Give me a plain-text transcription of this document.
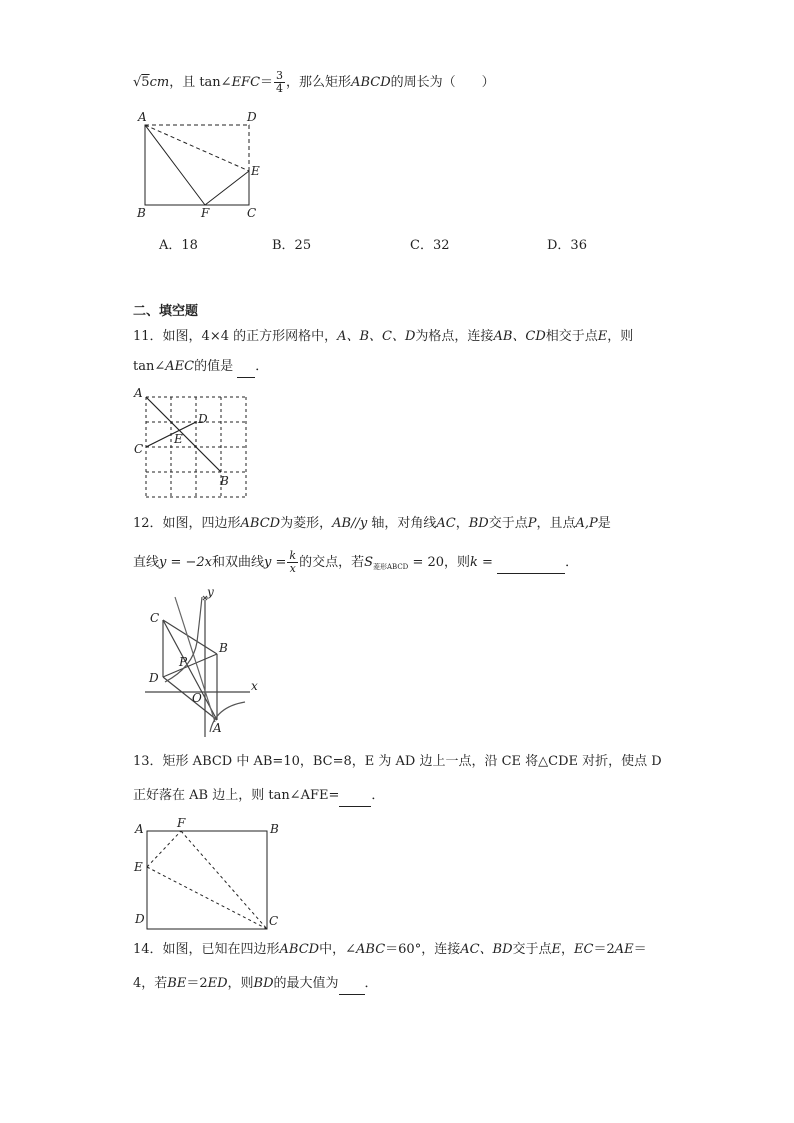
√5cm，且 tan∠EFC＝ $\frac{3}{4}$ ，那么矩形ABCD的周长为（　　）
A	D
E
B	F	C
A．18	B．25	C．32	D．36
二、填空题
11．如图，4×4 的正方形网格中，A、B、C、D为格点，连接AB、CD相交于点E，则
tan∠AEC的值是 ．
A
D
E
C
B
12．如图，四边形ABCD为菱形，AB//y 轴，对角线AC，BD交于点P，且点A,P是
直线y = −2x和双曲线$y = \frac{k}{x}$ 的交点，若$S_{菱形ABCD} = 20$，则k =	．
C
y
B
P
D
O
x
A
13．矩形 ABCD 中 AB=10，BC=8，E 为 AD 边上一点，沿 CE 将△CDE 对折，使点 D
正好落在 AB 边上，则 tan∠AFE= ．
A	F	B
E
D	C
14．如图，已知在四边形ABCD中，∠ABC＝60°，连接AC、BD交于点E，EC＝2AE＝
4，若BE＝2ED，则BD的最大值为 ．
